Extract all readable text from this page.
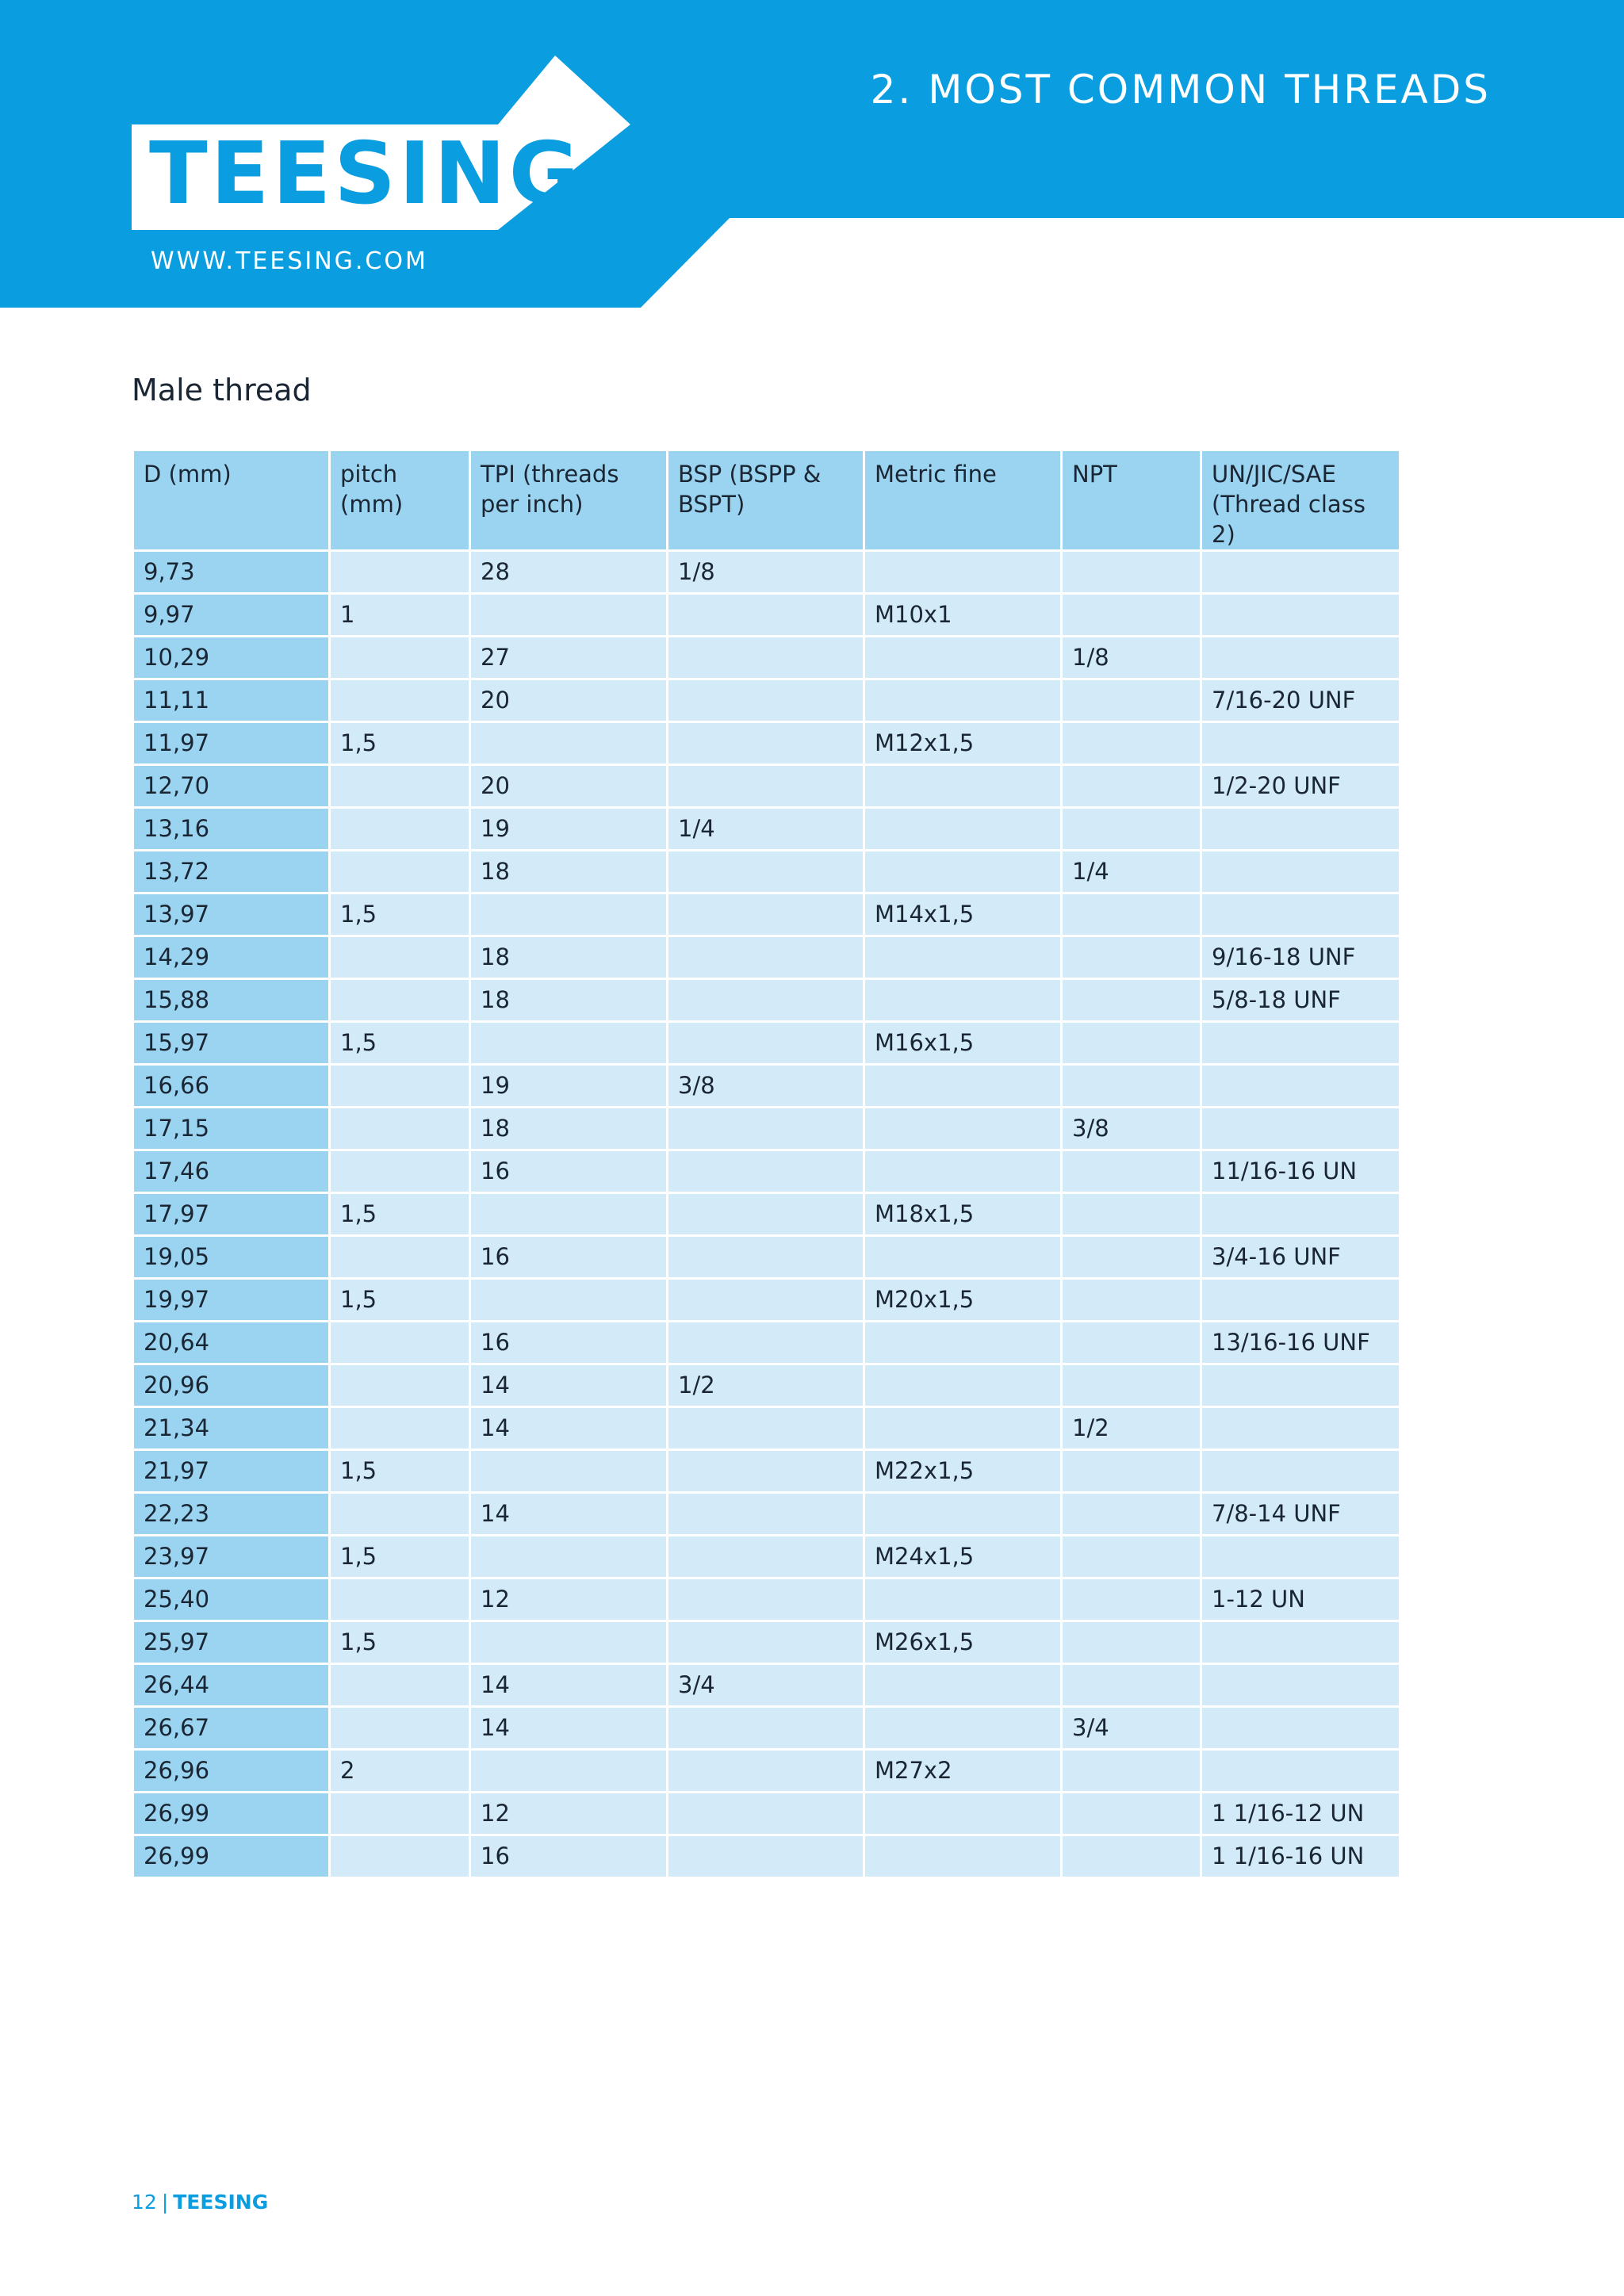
TEESING
WWW.TEESING.COM
2. MOST COMMON THREADS
Male thread
D (mm)	pitch (mm)	TPI (threads per inch)	BSP (BSPP & BSPT)	Metric fine	NPT	UN/JIC/SAE (Thread class 2)
9,73		28	1/8			
9,97	1			M10x1		
10,29		27			1/8	
11,11		20				7/16-20 UNF
11,97	1,5			M12x1,5		
12,70		20				1/2-20 UNF
13,16		19	1/4			
13,72		18			1/4	
13,97	1,5			M14x1,5		
14,29		18				9/16-18 UNF
15,88		18				5/8-18 UNF
15,97	1,5			M16x1,5		
16,66		19	3/8			
17,15		18			3/8	
17,46		16				11/16-16 UN
17,97	1,5			M18x1,5		
19,05		16				3/4-16 UNF
19,97	1,5			M20x1,5		
20,64		16				13/16-16 UNF
20,96		14	1/2			
21,34		14			1/2	
21,97	1,5			M22x1,5		
22,23		14				7/8-14 UNF
23,97	1,5			M24x1,5		
25,40		12				1-12 UN
25,97	1,5			M26x1,5		
26,44		14	3/4			
26,67		14			3/4	
26,96	2			M27x2		
26,99		12				1 1/16-12 UN
26,99		16				1 1/16-16 UN
12 | TEESING
